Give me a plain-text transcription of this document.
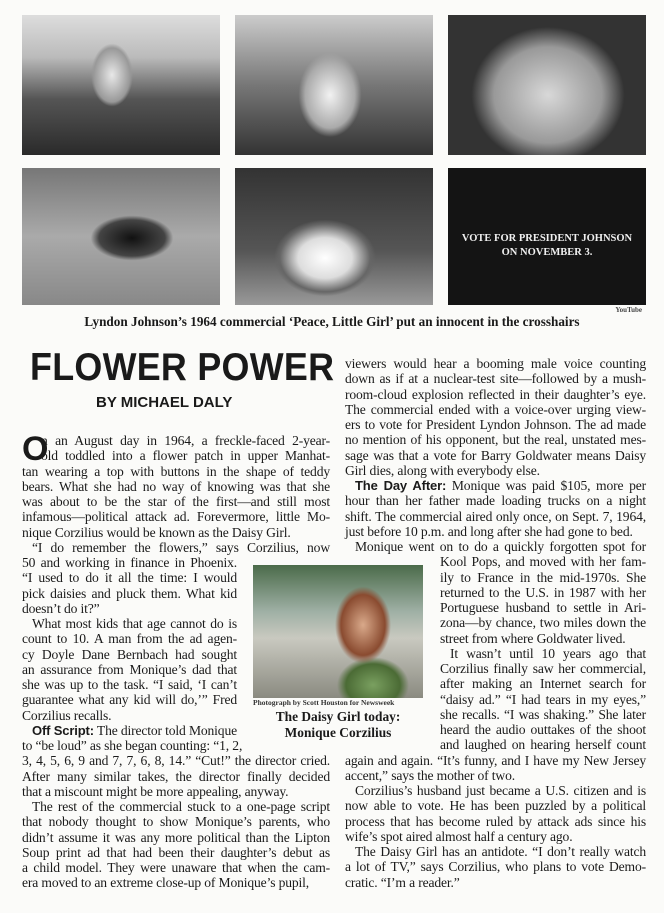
VOTE FOR PRESIDENT JOHNSON
ON NOVEMBER 3.
YouTube
Lyndon Johnson’s 1964 commercial ‘Peace, Little Girl’ put an innocent in the crosshairs
FLOWER POWER
BY MICHAEL DALY
n an August day in 1964, a freckle-faced 2-year-
old toddled into a flower patch in upper Manhat-
tan wearing a top with buttons in the shape of teddy
bears. What she had no way of knowing was that she
was about to be the star of the first—and still most
infamous—political attack ad. Forevermore, little Mo-
nique Corzilius would be known as the Daisy Girl.
“I do remember the flowers,” says Corzilius, now
50 and working in finance in Phoenix.
“I used to do it all the time: I would
pick daisies and pluck them. What kid
doesn’t do it?”
What most kids that age cannot do is
count to 10. A man from the ad agen-
cy Doyle Dane Bernbach had sought
an assurance from Monique’s dad that
she was up to the task. “I said, ‘I can’t
guarantee what any kid will do,’” Fred
Corzilius recalls.
Off Script: The director told Monique
to “be loud” as she began counting: “1, 2,
3, 4, 5, 6, 9 and 7, 7, 6, 8, 14.” “Cut!” the director cried.
After many similar takes, the director finally decided
that a miscount might be more appealing, anyway.
The rest of the commercial stuck to a one-page script
that nobody thought to show Monique’s parents, who
didn’t assume it was any more political than the Lipton
Soup print ad that had been their daughter’s debut as
a child model. They were unaware that when the cam-
era moved to an extreme close-up of Monique’s pupil,
O
viewers would hear a booming male voice counting
down as if at a nuclear-test site—followed by a mush-
room-cloud explosion reflected in their daughter’s eye.
The commercial ended with a voice-over urging view-
ers to vote for President Lyndon Johnson. The ad made
no mention of his opponent, but the real, unstated mes-
sage was that a vote for Barry Goldwater means Daisy
Girl dies, along with everybody else.
The Day After: Monique was paid $105, more per
hour than her father made loading trucks on a night
shift. The commercial aired only once, on Sept. 7, 1964,
just before 10 p.m. and long after she had gone to bed.
Monique went on to do a quickly forgotten spot for
Kool Pops, and moved with her fam-
ily to France in the mid-1970s. She
returned to the U.S. in 1987 with her
Portuguese husband to settle in Ari-
zona—by chance, two miles down the
street from where Goldwater lived.
It wasn’t until 10 years ago that
Corzilius finally saw her commercial,
after making an Internet search for
“daisy ad.” “I had tears in my eyes,”
she recalls. “I was shaking.” She later
heard the audio outtakes of the shoot
and laughed on hearing herself count
again and again. “It’s funny, and I have my New Jersey
accent,” says the mother of two.
Corzilius’s husband just became a U.S. citizen and is
now able to vote. He has been puzzled by a political
process that has become ruled by attack ads since his
wife’s spot aired almost half a century ago.
The Daisy Girl has an antidote. “I don’t really watch
a lot of TV,” says Corzilius, who plans to vote Demo-
cratic. “I’m a reader.”
Photograph by Scott Houston for Newsweek
The Daisy Girl today:
Monique Corzilius
